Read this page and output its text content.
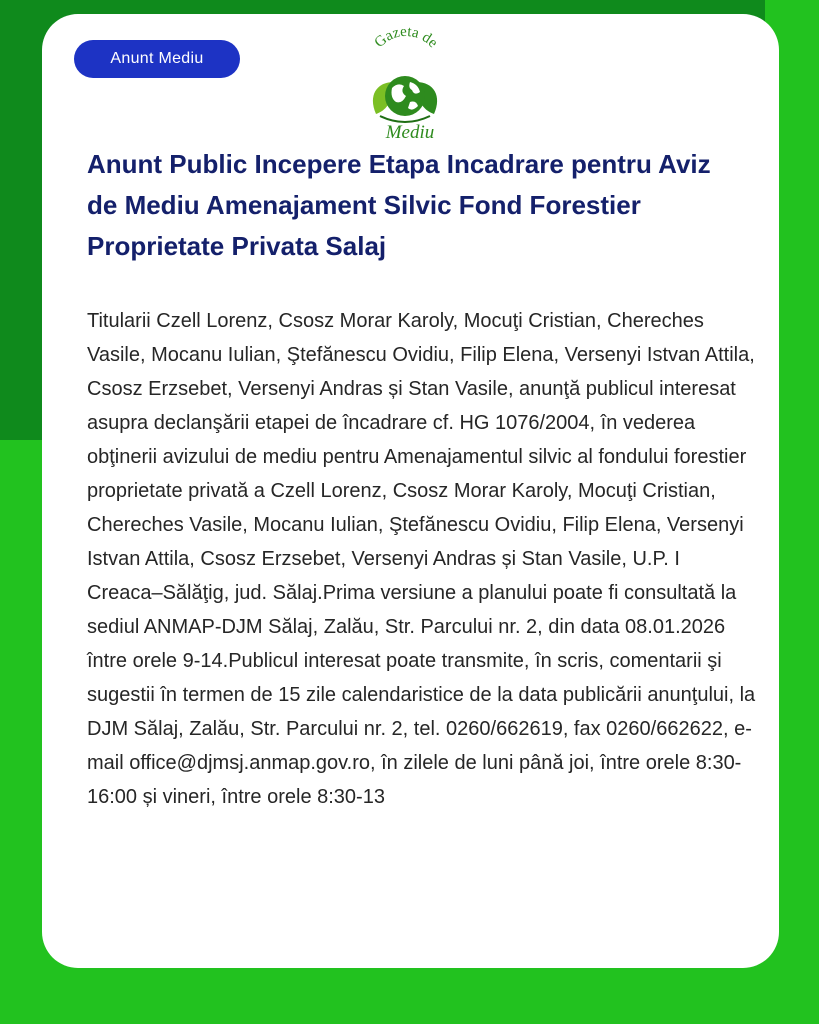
Anunt Mediu
Gazeta de
Mediu
Anunt Public Incepere Etapa Incadrare pentru Aviz de Mediu Amenajament Silvic Fond Forestier Proprietate Privata Salaj

Titularii Czell Lorenz, Csosz Morar Karoly, Mocuţi Cristian, Chereches Vasile, Mocanu Iulian, Ştefănescu Ovidiu, Filip Elena, Versenyi Istvan Attila, Csosz Erzsebet, Versenyi Andras și Stan Vasile, anunţă publicul interesat asupra declanşării etapei de încadrare cf. HG 1076/2004, în vederea obţinerii avizului de mediu pentru Amenajamentul silvic al fondului forestier proprietate privată a Czell Lorenz, Csosz Morar Karoly, Mocuţi Cristian, Chereches Vasile, Mocanu Iulian, Ştefănescu Ovidiu, Filip Elena, Versenyi Istvan Attila, Csosz Erzsebet, Versenyi Andras și Stan Vasile, U.P. I Creaca–Sălăţig, jud. Sălaj.Prima versiune a planului poate fi consultată la sediul ANMAP-DJM Sălaj, Zalău, Str. Parcului nr. 2, din data 08.01.2026 între orele 9-14.Publicul interesat poate transmite, în scris, comentarii şi sugestii în termen de 15 zile calendaristice de la data publicării anunţului, la DJM Sălaj, Zalău, Str. Parcului nr. 2, tel. 0260/662619, fax 0260/662622, e-mail office@djmsj.anmap.gov.ro, în zilele de luni până joi, între orele 8:30-16:00 și vineri, între orele 8:30-13
